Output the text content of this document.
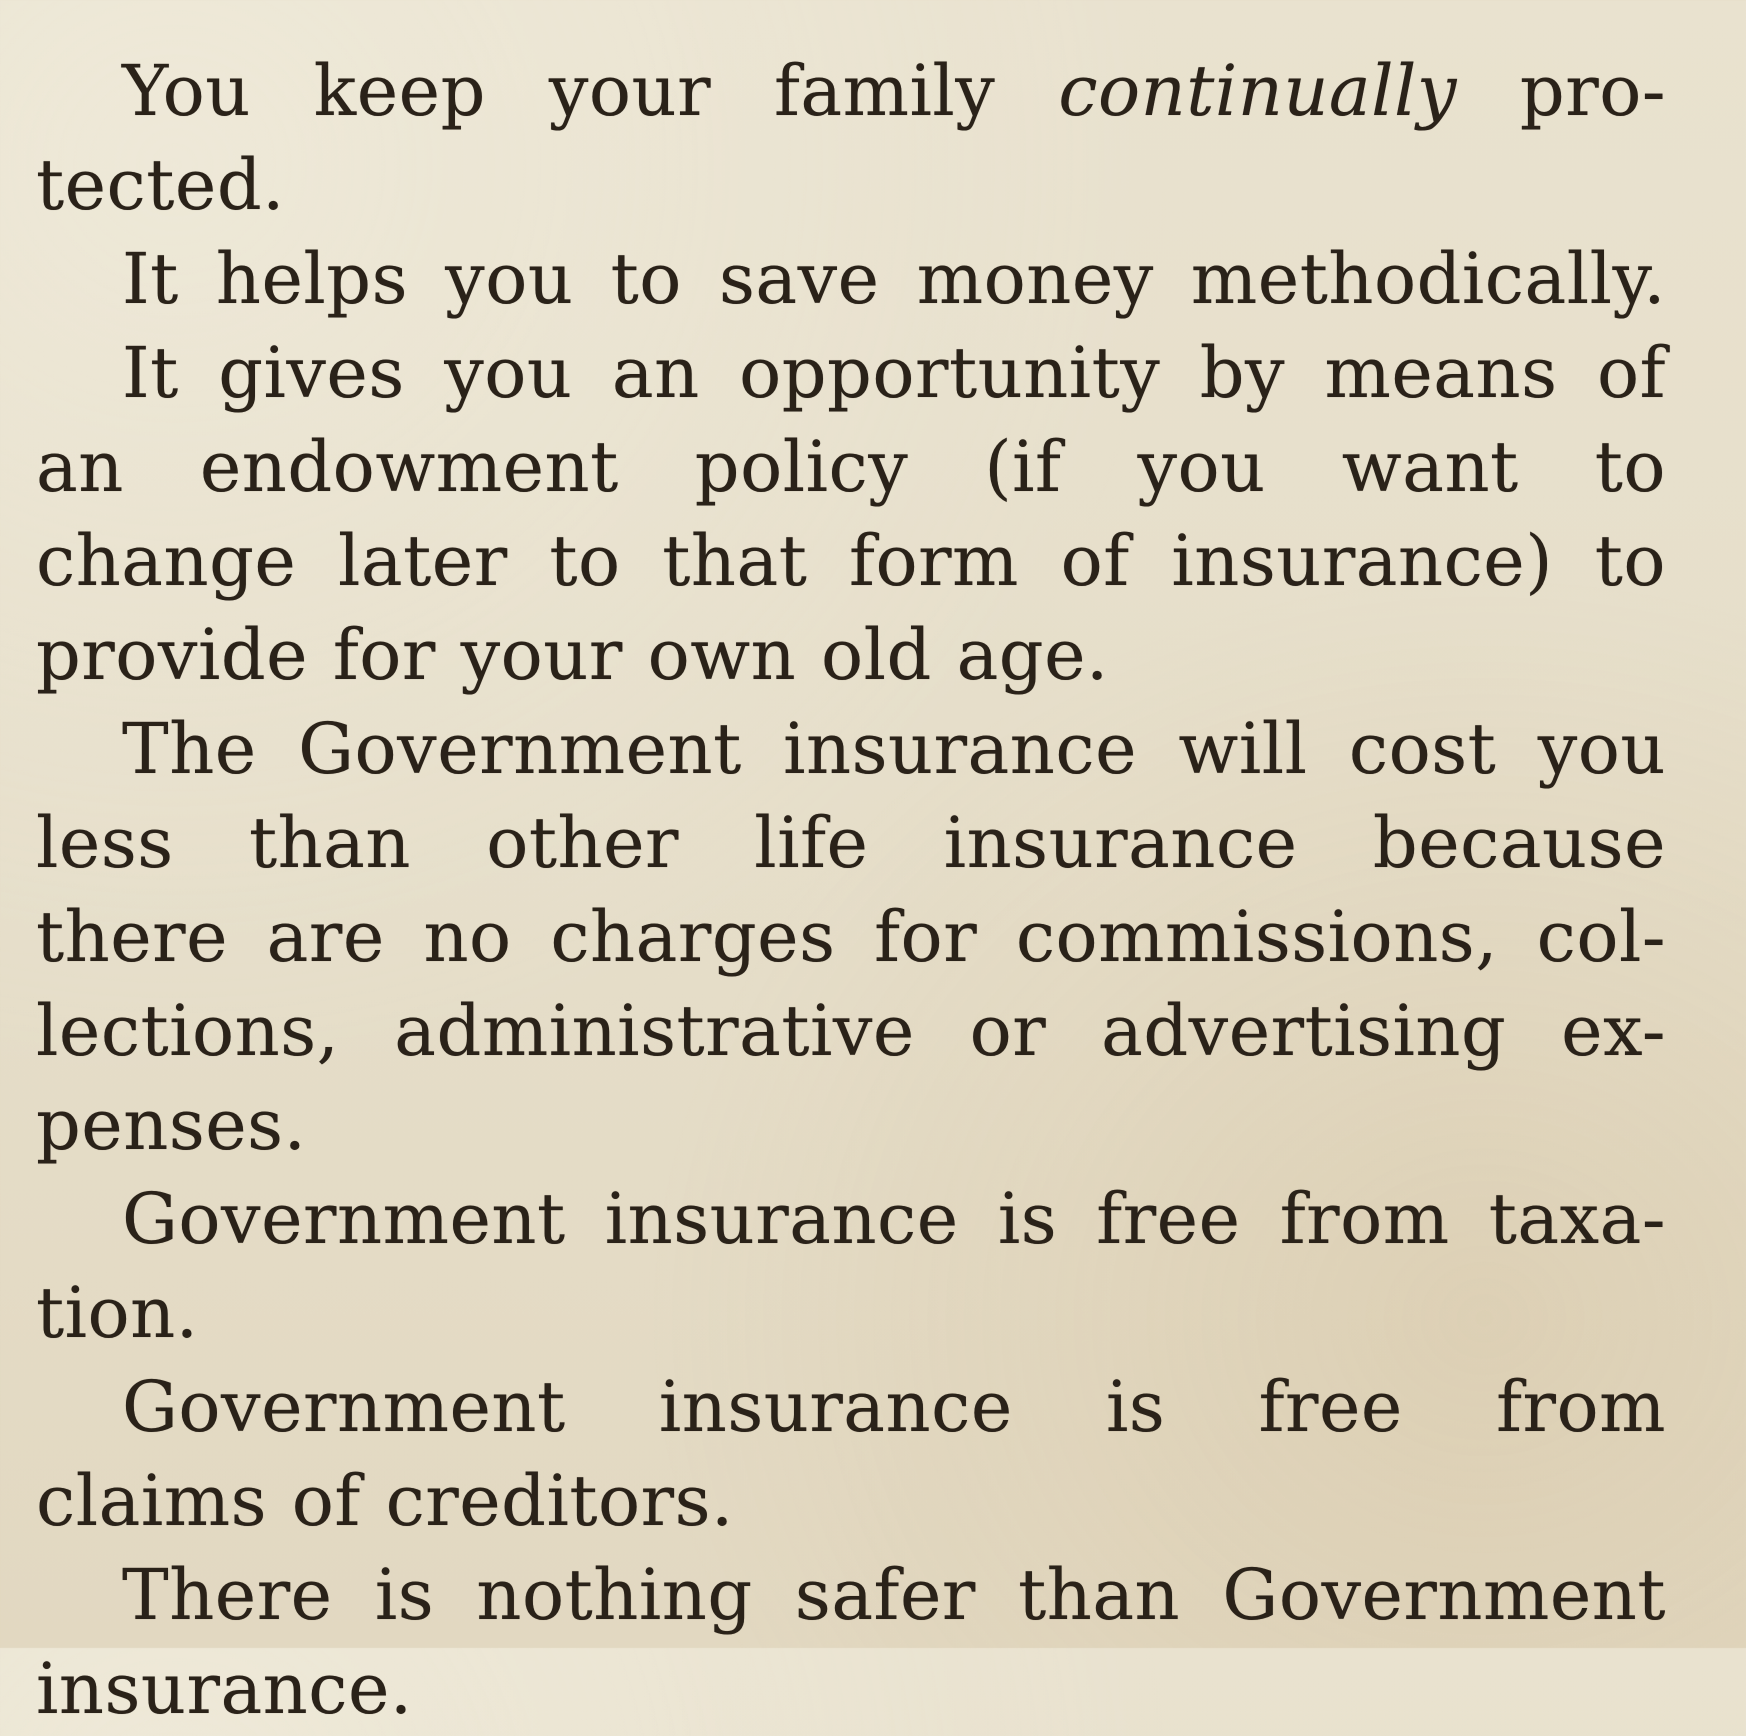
You keep your family continually pro-
tected.

It helps you to save money methodically.

It gives you an opportunity by means of
an endowment policy (if you want to
change later to that form of insurance) to
provide for your own old age.

The Government insurance will cost you
less than other life insurance because
there are no charges for commissions, col-
lections, administrative or advertising ex-
penses.

Government insurance is free from taxa-
tion.

Government insurance is free from
claims of creditors.

There is nothing safer than Government
insurance.
